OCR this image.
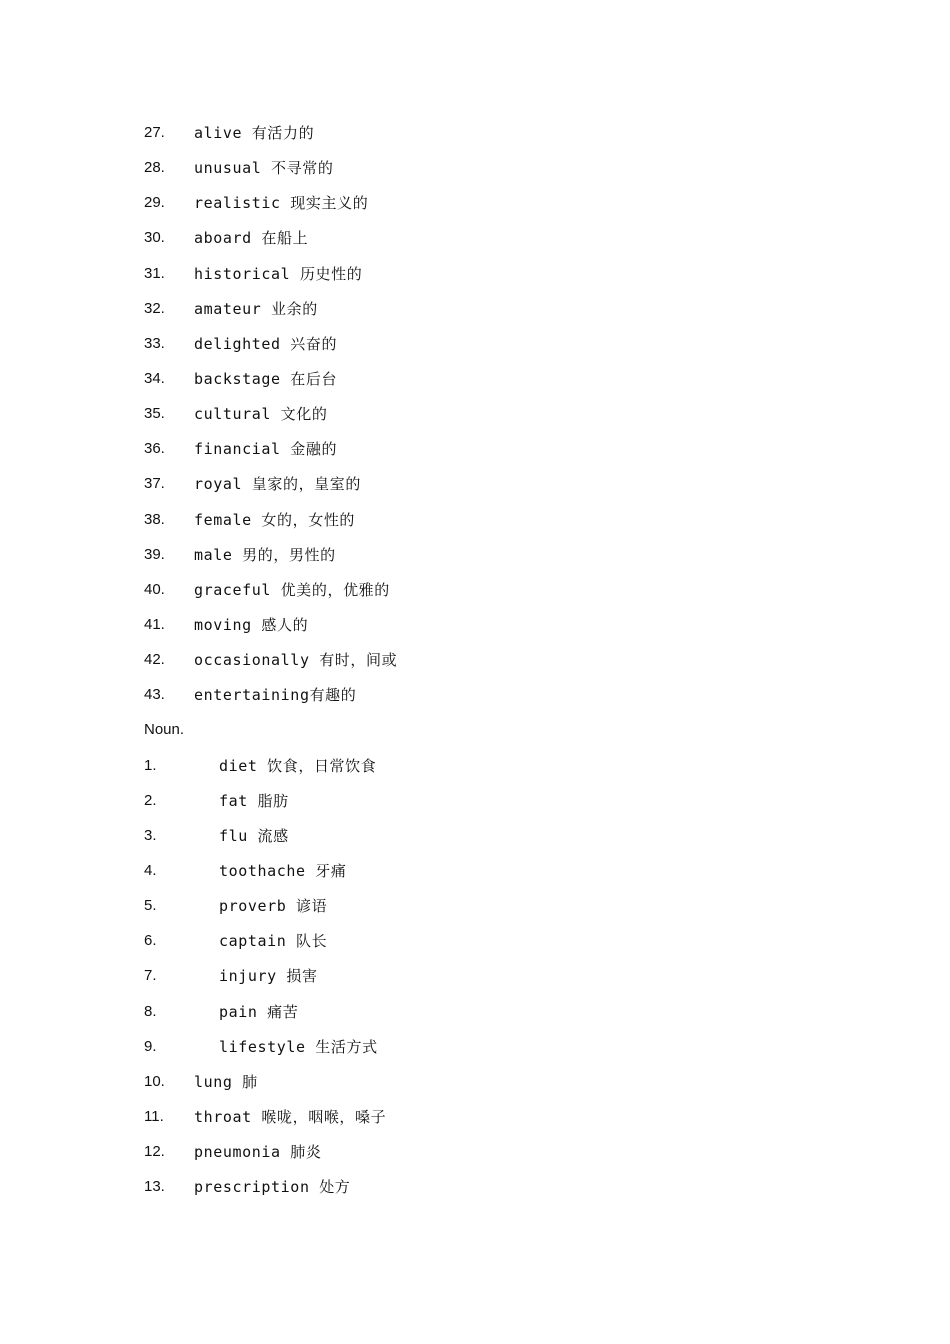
27.	alive 有活力的
28.	unusual 不寻常的
29.	realistic 现实主义的
30.	aboard 在船上
31.	historical 历史性的
32.	amateur 业余的
33.	delighted 兴奋的
34.	backstage 在后台
35.	cultural 文化的
36.	financial 金融的
37.	royal 皇家的，皇室的
38.	female 女的，女性的
39.	male 男的，男性的
40.	graceful 优美的，优雅的
41.	moving 感人的
42.	occasionally 有时，间或
43.	entertaining有趣的
Noun.
1.	diet 饮食，日常饮食
2.	fat 脂肪
3.	flu 流感
4.	toothache 牙痛
5.	proverb 谚语
6.	captain 队长
7.	injury 损害
8.	pain 痛苦
9.	lifestyle 生活方式
10.	lung 肺
11.	throat 喉咙，咽喉，嗓子
12.	pneumonia 肺炎
13.	prescription 处方
